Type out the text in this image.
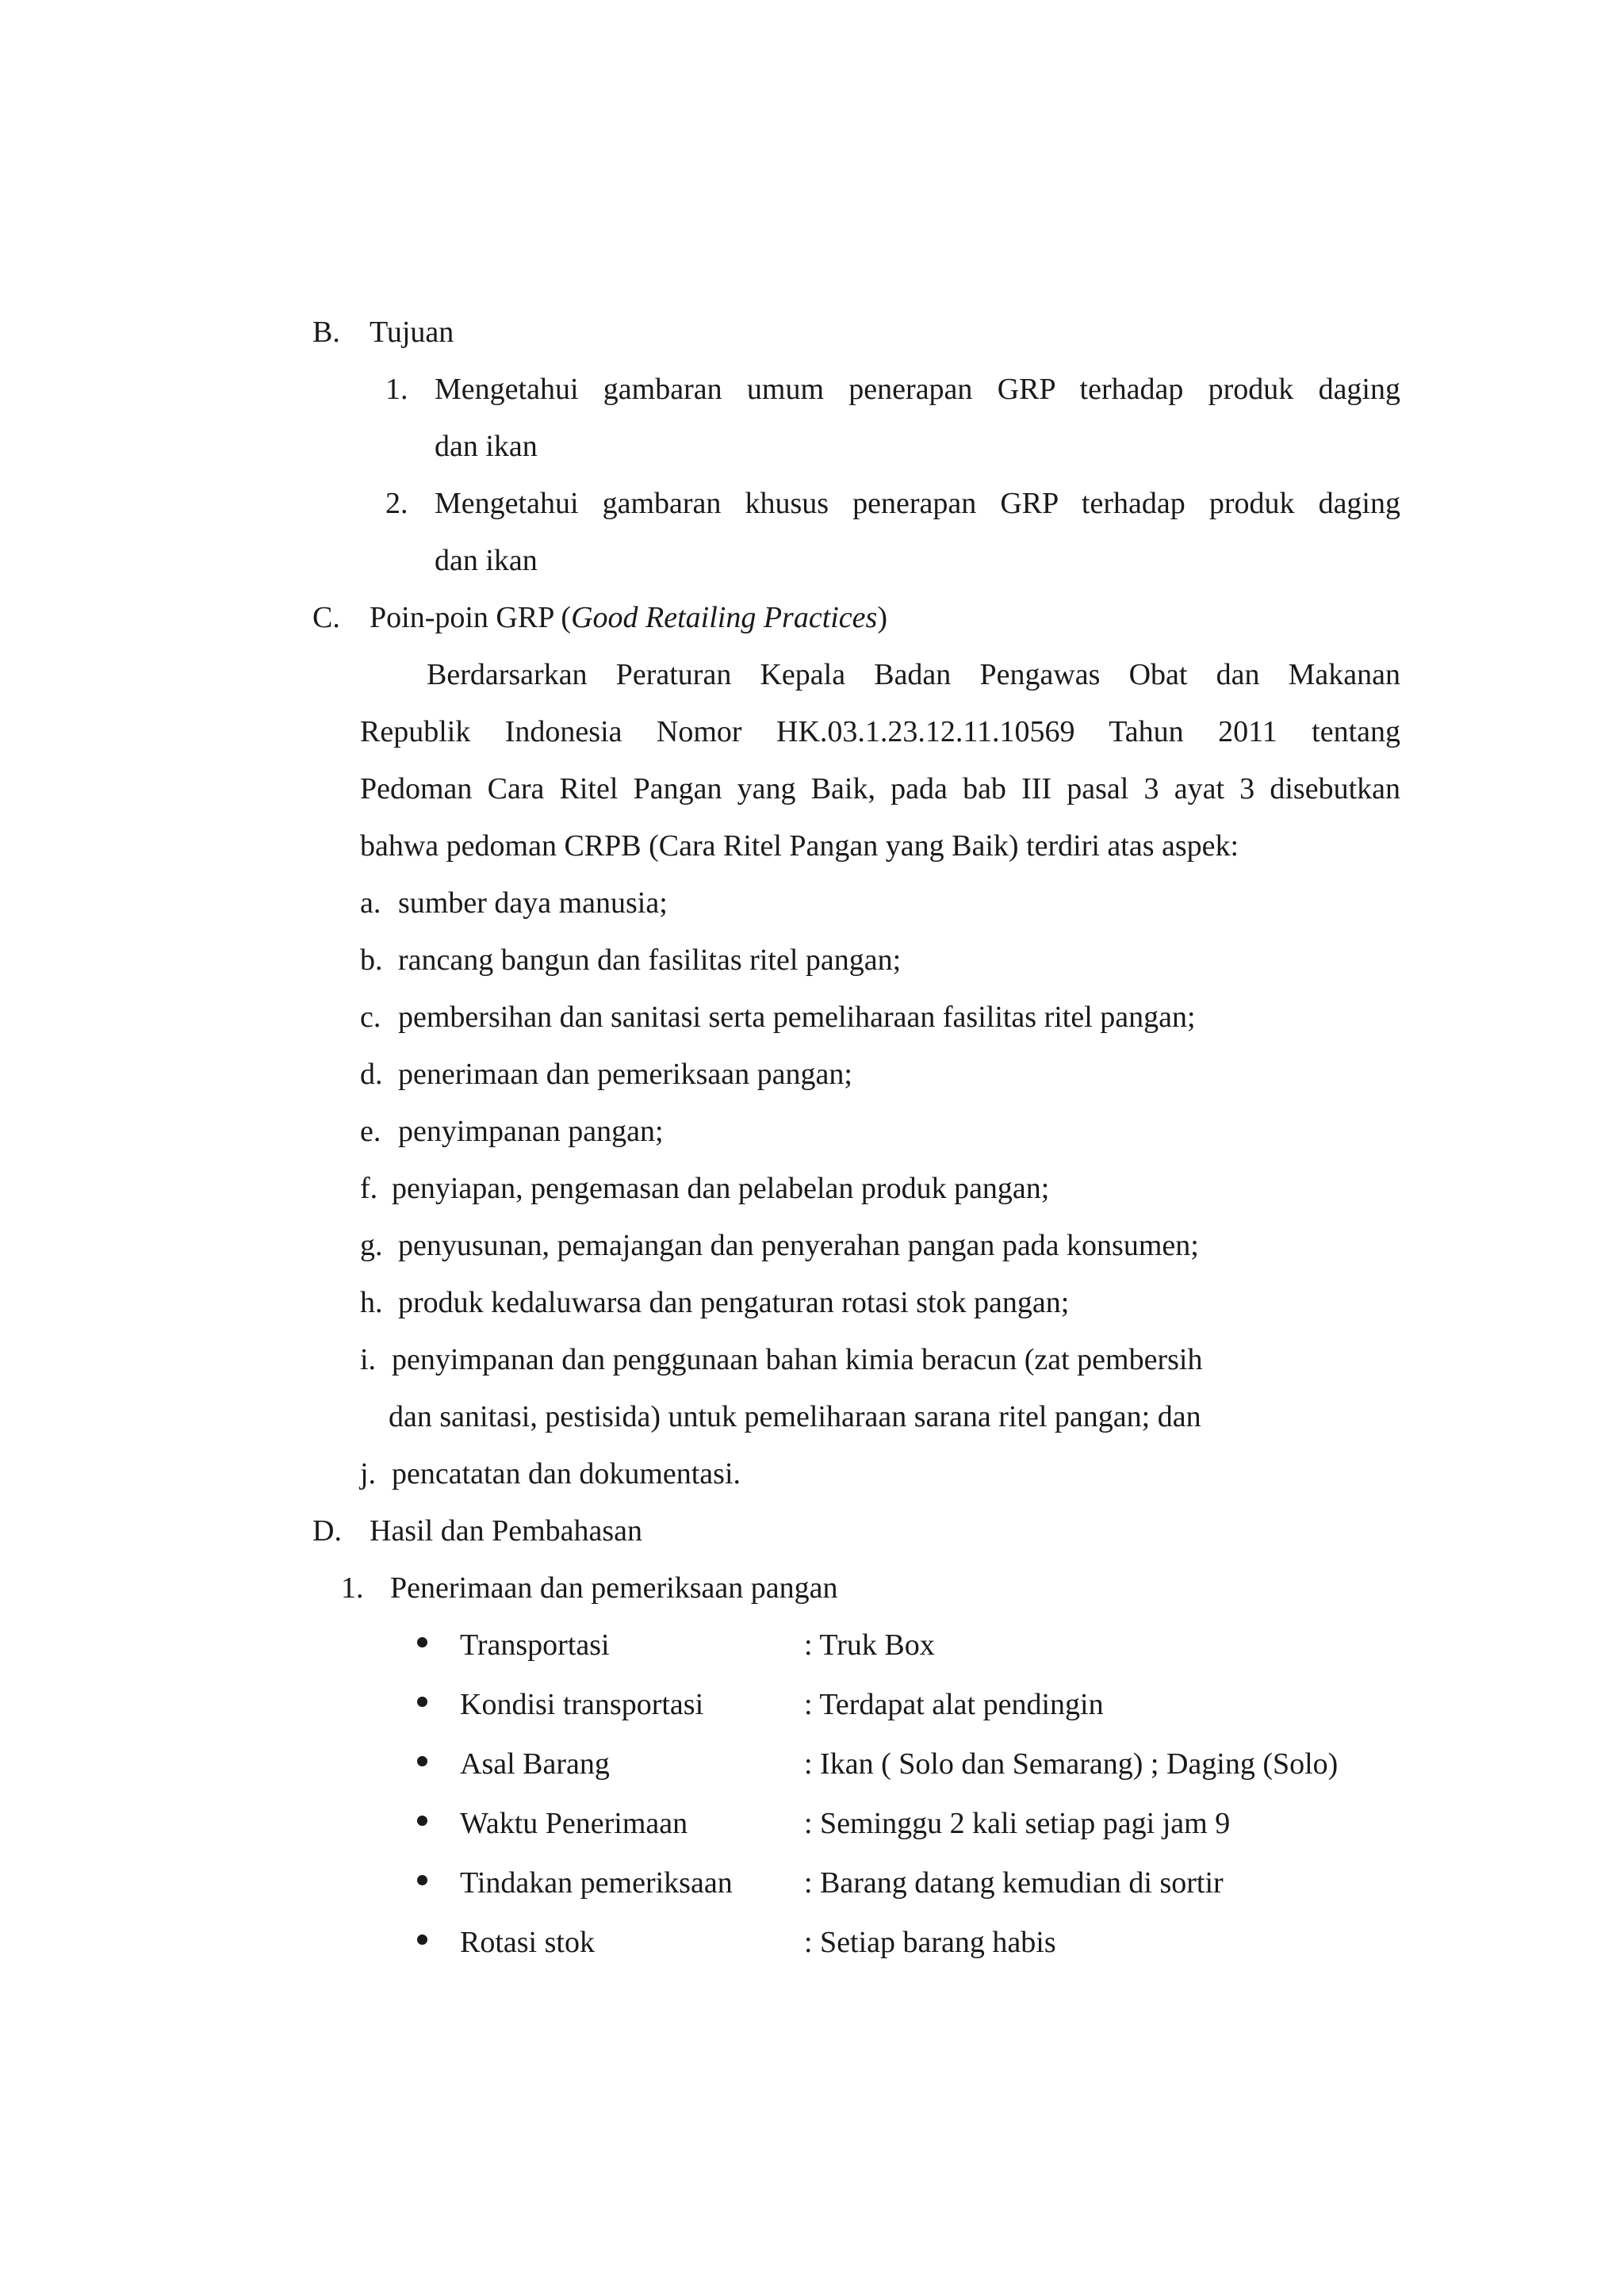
B. Tujuan
1. Mengetahui gambaran umum penerapan GRP terhadap produk daging
dan ikan
2. Mengetahui gambaran khusus penerapan GRP terhadap produk daging
dan ikan
C. Poin-poin GRP (Good Retailing Practices)
Berdarsarkan Peraturan Kepala Badan Pengawas Obat dan Makanan
Republik Indonesia Nomor HK.03.1.23.12.11.10569 Tahun 2011 tentang
Pedoman Cara Ritel Pangan yang Baik, pada bab III pasal 3 ayat 3 disebutkan
bahwa pedoman CRPB (Cara Ritel Pangan yang Baik) terdiri atas aspek:
a. sumber daya manusia;
b. rancang bangun dan fasilitas ritel pangan;
c. pembersihan dan sanitasi serta pemeliharaan fasilitas ritel pangan;
d. penerimaan dan pemeriksaan pangan;
e. penyimpanan pangan;
f. penyiapan, pengemasan dan pelabelan produk pangan;
g. penyusunan, pemajangan dan penyerahan pangan pada konsumen;
h. produk kedaluwarsa dan pengaturan rotasi stok pangan;
i. penyimpanan dan penggunaan bahan kimia beracun (zat pembersih
dan sanitasi, pestisida) untuk pemeliharaan sarana ritel pangan; dan
j. pencatatan dan dokumentasi.
D. Hasil dan Pembahasan
1. Penerimaan dan pemeriksaan pangan
Transportasi	: Truk Box
Kondisi transportasi	: Terdapat alat pendingin
Asal Barang	: Ikan ( Solo dan Semarang) ; Daging (Solo)
Waktu Penerimaan	: Seminggu 2 kali setiap pagi jam 9
Tindakan pemeriksaan : Barang datang kemudian di sortir
Rotasi stok	: Setiap barang habis
